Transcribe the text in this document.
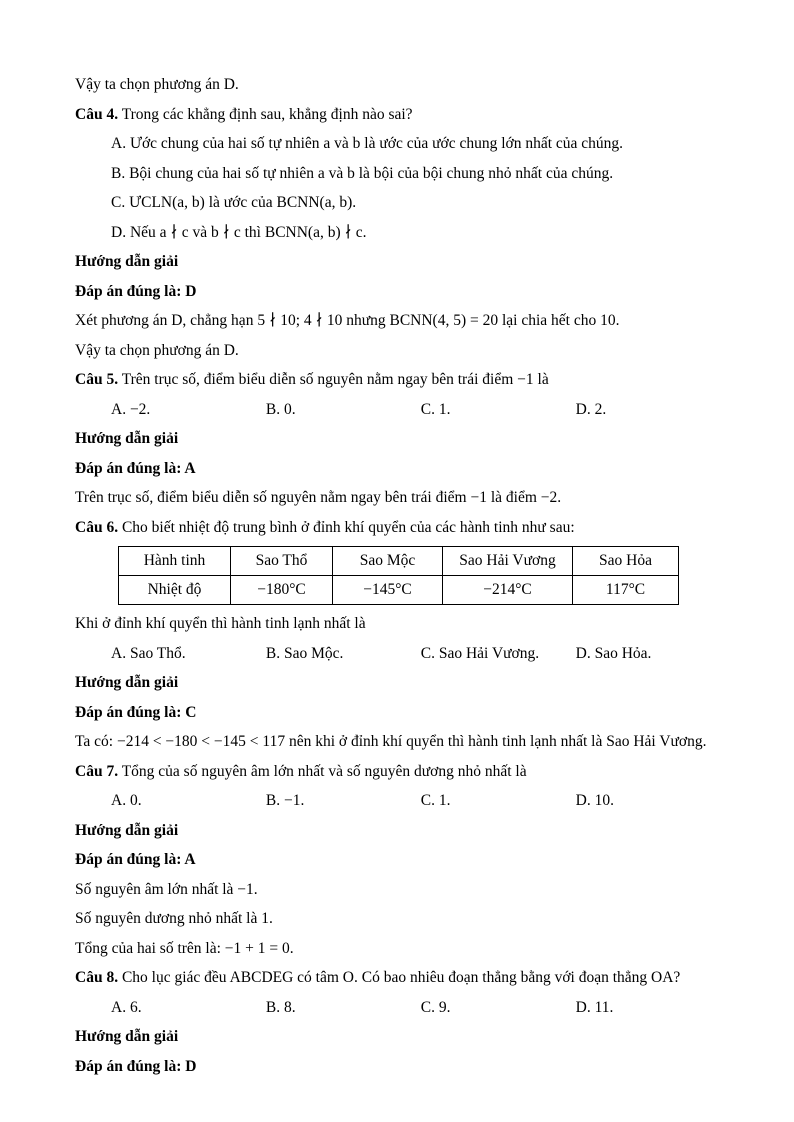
Vậy ta chọn phương án D.

Câu 4. Trong các khẳng định sau, khẳng định nào sai?

A. Ước chung của hai số tự nhiên a và b là ước của ước chung lớn nhất của chúng.

B. Bội chung của hai số tự nhiên a và b là bội của bội chung nhỏ nhất của chúng.

C. ƯCLN(a, b) là ước của BCNN(a, b).

D. Nếu a ∤ c và b ∤ c thì BCNN(a, b) ∤ c.

Hướng dẫn giải

Đáp án đúng là: D

Xét phương án D, chẳng hạn 5 ∤ 10; 4 ∤ 10 nhưng BCNN(4, 5) = 20 lại chia hết cho 10.

Vậy ta chọn phương án D.

Câu 5. Trên trục số, điểm biểu diễn số nguyên nằm ngay bên trái điểm −1 là

A. −2.	B. 0.	C. 1.	D. 2.

Hướng dẫn giải

Đáp án đúng là: A

Trên trục số, điểm biểu diễn số nguyên nằm ngay bên trái điểm −1 là điểm −2.

Câu 6. Cho biết nhiệt độ trung bình ở đỉnh khí quyển của các hành tinh như sau:

Hành tinh	Sao Thổ	Sao Mộc	Sao Hải Vương	Sao Hỏa
Nhiệt độ	−180°C	−145°C	−214°C	117°C

Khi ở đỉnh khí quyển thì hành tinh lạnh nhất là

A. Sao Thổ.	B. Sao Mộc.	C. Sao Hải Vương. D. Sao Hỏa.

Hướng dẫn giải

Đáp án đúng là: C

Ta có: −214 < −180 < −145 < 117 nên khi ở đỉnh khí quyển thì hành tinh lạnh nhất là Sao Hải Vương.

Câu 7. Tổng của số nguyên âm lớn nhất và số nguyên dương nhỏ nhất là

A. 0.	B. −1.	C. 1.	D. 10.

Hướng dẫn giải

Đáp án đúng là: A

Số nguyên âm lớn nhất là −1.

Số nguyên dương nhỏ nhất là 1.

Tổng của hai số trên là: −1 + 1 = 0.

Câu 8. Cho lục giác đều ABCDEG có tâm O. Có bao nhiêu đoạn thẳng bằng với đoạn thẳng OA?

A. 6.	B. 8.	C. 9.	D. 11.

Hướng dẫn giải

Đáp án đúng là: D
